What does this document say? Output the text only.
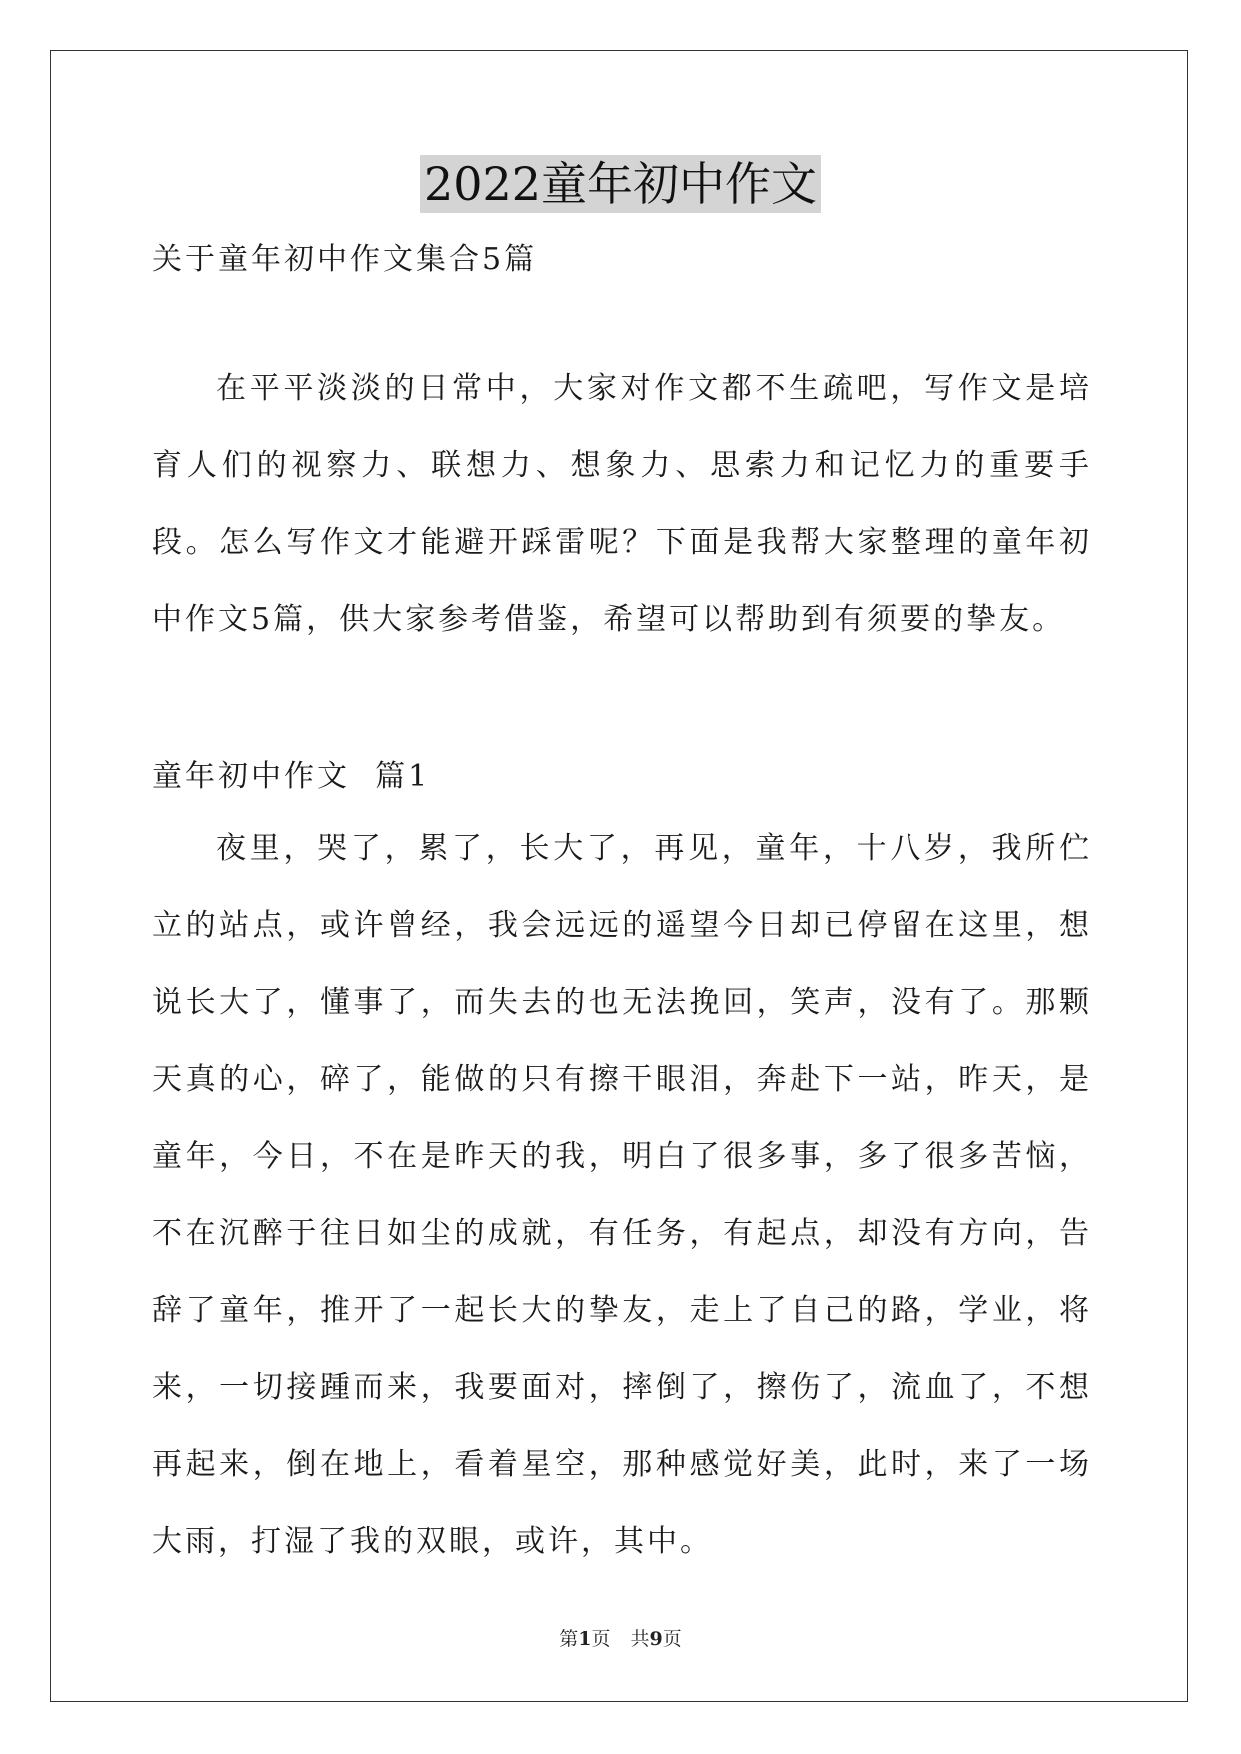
2022童年初中作文

关于童年初中作文集合5篇

在平平淡淡的日常中，大家对作文都不生疏吧，写作文是培育人们的视察力、联想力、想象力、思索力和记忆力的重要手段。怎么写作文才能避开踩雷呢？下面是我帮大家整理的童年初中作文5篇，供大家参考借鉴，希望可以帮助到有须要的挚友。

童年初中作文  篇1

夜里，哭了，累了，长大了，再见，童年，十八岁，我所伫立的站点，或许曾经，我会远远的遥望今日却已停留在这里，想说长大了，懂事了，而失去的也无法挽回，笑声，没有了。那颗天真的心，碎了，能做的只有擦干眼泪，奔赴下一站，昨天，是童年，今日，不在是昨天的我，明白了很多事，多了很多苦恼，不在沉醉于往日如尘的成就，有任务，有起点，却没有方向，告辞了童年，推开了一起长大的挚友，走上了自己的路，学业，将来，一切接踵而来，我要面对，摔倒了，擦伤了，流血了，不想再起来，倒在地上，看着星空，那种感觉好美，此时，来了一场大雨，打湿了我的双眼，或许，其中。

第1页 共9页
